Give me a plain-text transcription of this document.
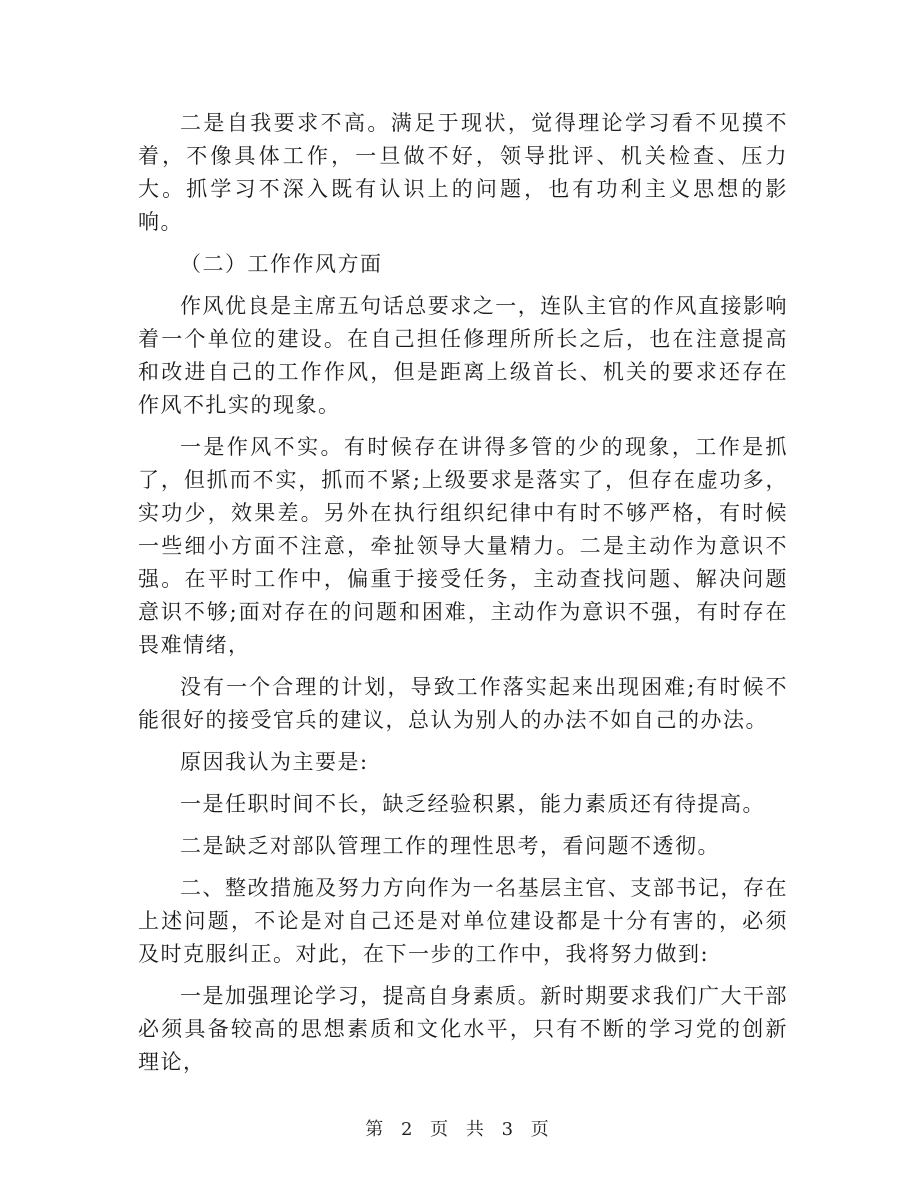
二是自我要求不高。满足于现状，觉得理论学习看不见摸不着，不像具体工作，一旦做不好，领导批评、机关检查、压力大。抓学习不深入既有认识上的问题，也有功利主义思想的影响。

（二）工作作风方面

作风优良是主席五句话总要求之一，连队主官的作风直接影响着一个单位的建设。在自己担任修理所所长之后，也在注意提高和改进自己的工作作风，但是距离上级首长、机关的要求还存在作风不扎实的现象。

一是作风不实。有时候存在讲得多管的少的现象，工作是抓了，但抓而不实，抓而不紧;上级要求是落实了，但存在虚功多，实功少，效果差。另外在执行组织纪律中有时不够严格，有时候一些细小方面不注意，牵扯领导大量精力。二是主动作为意识不强。在平时工作中，偏重于接受任务，主动查找问题、解决问题意识不够;面对存在的问题和困难，主动作为意识不强，有时存在畏难情绪，

没有一个合理的计划，导致工作落实起来出现困难;有时候不能很好的接受官兵的建议，总认为别人的办法不如自己的办法。

原因我认为主要是:

一是任职时间不长，缺乏经验积累，能力素质还有待提高。

二是缺乏对部队管理工作的理性思考，看问题不透彻。

二、整改措施及努力方向作为一名基层主官、支部书记，存在上述问题，不论是对自己还是对单位建设都是十分有害的，必须及时克服纠正。对此，在下一步的工作中，我将努力做到:

一是加强理论学习，提高自身素质。新时期要求我们广大干部必须具备较高的思想素质和文化水平，只有不断的学习党的创新理论，

第 2 页 共 3 页
